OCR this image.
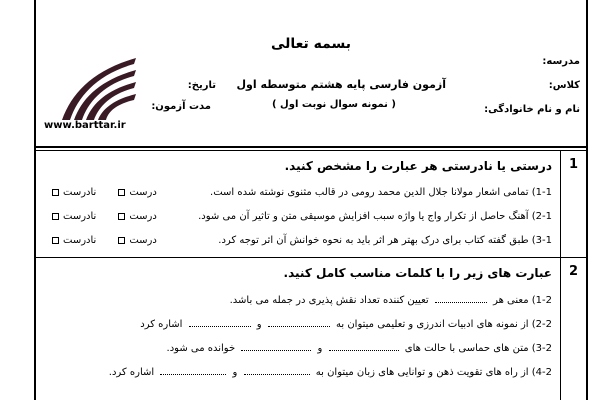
بسمه تعالی
مدرسه:
کلاس:
نام و نام خانوادگی:
آزمون فارسی پایه هشتم متوسطه اول
( نمونه سوال نوبت اول )
تاریخ:
مدت آزمون:
www.barttar.ir
1
درستی یا نادرستی هر عبارت را مشخص کنید.
1-1) تمامی اشعار مولانا جلال الدین محمد رومی در قالب مثنوی نوشته شده است.
درست
نادرست
2-1) آهنگ حاصل از تکرار واج یا واژه سبب افزایش موسیقی متن و تاثیر آن می شود.
درست
نادرست
3-1) طبق گفته کتاب برای درک بهتر هر اثر باید به نحوه خوانش آن اثر توجه کرد.
درست
نادرست
2
عبارت های زیر را با کلمات مناسب کامل کنید.
1-2) معنی هر  تعیین کننده تعداد نقش پذیری در جمله می باشد.
2-2) از نمونه های ادبیات اندرزی و تعلیمی میتوان به  و  اشاره کرد
3-2) متن های حماسی با حالت های  و  خوانده می شود.
4-2) از راه های تقویت ذهن و توانایی های زبان میتوان به  و  اشاره کرد.
